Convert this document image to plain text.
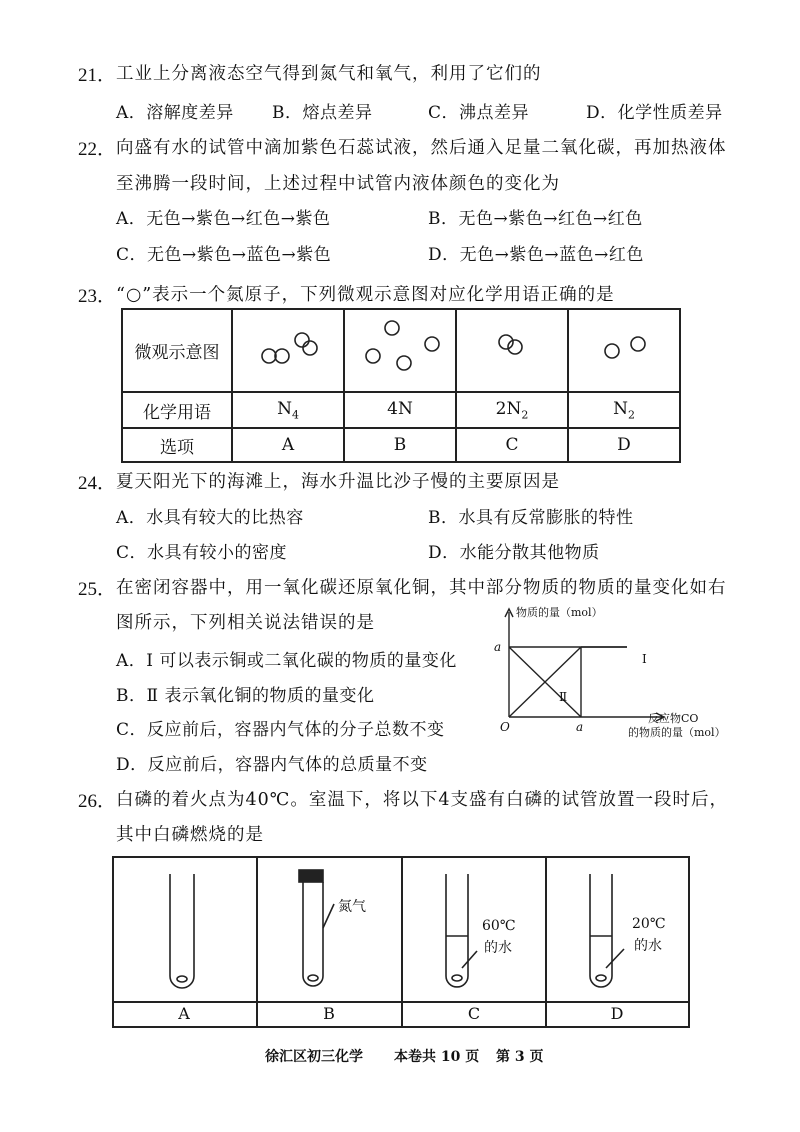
21． 工业上分离液态空气得到氮气和氧气，利用了它们的
A．溶解度差异 B．熔点差异	C．沸点差异	D．化学性质差异
22． 向盛有水的试管中滴加紫色石蕊试液，然后通入足量二氧化碳，再加热液体
至沸腾一段时间，上述过程中试管内液体颜色的变化为
A．无色→紫色→红色→紫色	B．无色→紫色→红色→红色
C．无色→紫色→蓝色→紫色	D．无色→紫色→蓝色→红色
23． “○”表示一个氮原子，下列微观示意图对应化学用语正确的是
微观示意图				
化学用语	$N_4$	4N	$2N_2$	$N_2$
选项	A	B	C	D
24． 夏天阳光下的海滩上，海水升温比沙子慢的主要原因是
A．水具有较大的比热容	B．水具有反常膨胀的特性
C．水具有较小的密度	D．水能分散其他物质
25． 在密闭容器中，用一氧化碳还原氧化铜，其中部分物质的物质的量变化如右
图所示，下列相关说法错误的是
A．Ⅰ 可以表示铜或二氧化碳的物质的量变化
B．Ⅱ 表示氧化铜的物质的量变化
C．反应前后，容器内气体的分子总数不变
D．反应前后，容器内气体的总质量不变
物质的量（mol）
a
O	a
Ⅰ
Ⅱ
反应物CO
的物质的量（mol）
26． 白磷的着火点为40℃。室温下，将以下4支盛有白磷的试管放置一段时后，
其中白磷燃烧的是
氮气
60℃
的水
20℃
的水
A	B	C	D
徐汇区初三化学 本卷共 10 页 第 3 页
